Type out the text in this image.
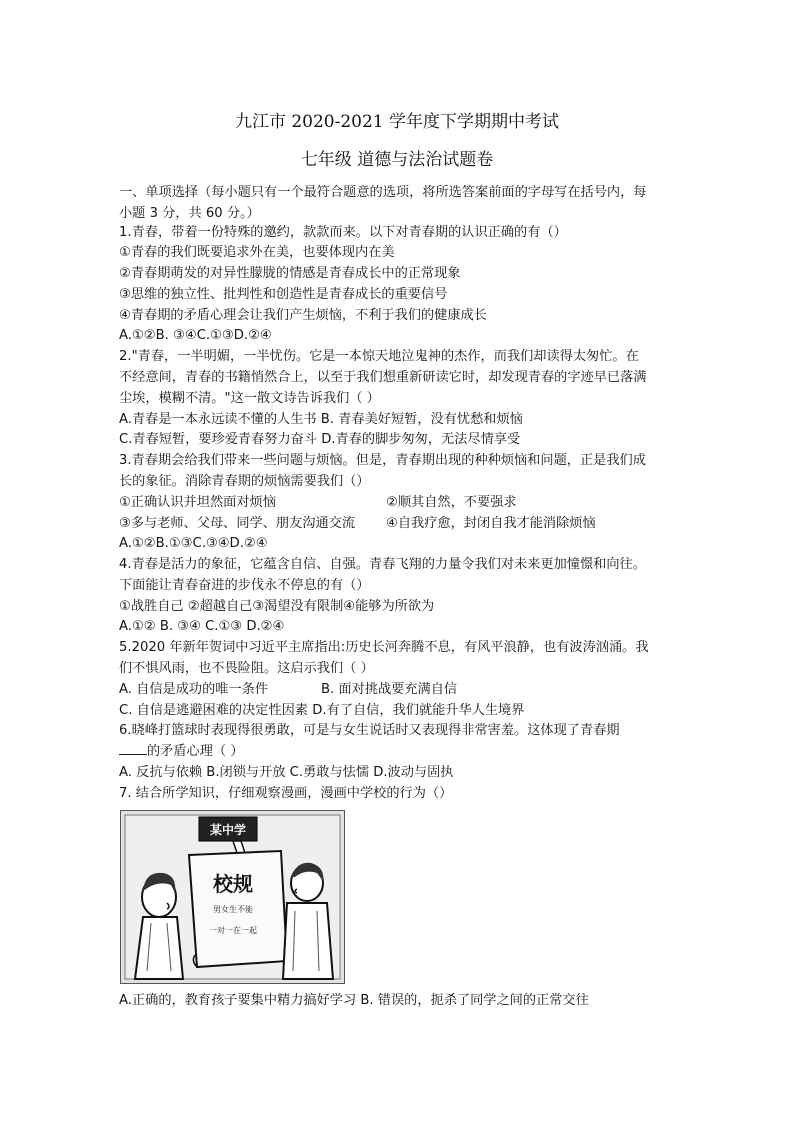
九江市 2020-2021 学年度下学期期中考试
七年级 道德与法治试题卷
一、单项选择（每小题只有一个最符合题意的选项，将所选答案前面的字母写在括号内，每
小题 3 分，共 60 分。）
1.青春，带着一份特殊的邀约，款款而来。以下对青春期的认识正确的有（）
①青春的我们既要追求外在美，也要体现内在美
②青春期萌发的对异性朦胧的情感是青春成长中的正常现象
③思维的独立性、批判性和创造性是青春成长的重要信号
④青春期的矛盾心理会让我们产生烦恼，不利于我们的健康成长
A.①②B. ③④C.①③D.②④
2."青春，一半明媚，一半忧伤。它是一本惊天地泣鬼神的杰作，而我们却读得太匆忙。在
不经意间，青春的书籍悄然合上，以至于我们想重新研读它时，却发现青春的字迹早已落满
尘埃，模糊不清。"这一散文诗告诉我们（ ）
A.青春是一本永远读不懂的人生书 B. 青春美好短暂，没有忧愁和烦恼
C.青春短暂，要珍爱青春努力奋斗 D.青春的脚步匆匆，无法尽情享受
3.青春期会给我们带来一些问题与烦恼。但是，青春期出现的种种烦恼和问题，正是我们成
长的象征。消除青春期的烦恼需要我们（）
①正确认识并坦然面对烦恼	②顺其自然，不要强求
③多与老师、父母、同学、朋友沟通交流 ④自我疗愈，封闭自我才能消除烦恼
A.①②B.①③C.③④D.②④
4.青春是活力的象征，它蕴含自信、自强。青春飞翔的力量令我们对未来更加憧憬和向往。
下面能让青春奋进的步伐永不停息的有（）
①战胜自己 ②超越自己③渴望没有限制④能够为所欲为
A.①② B. ③④ C.①③ D.②④
5.2020 年新年贺词中习近平主席指出:历史长河奔腾不息，有风平浪静，也有波涛汹涌。我
们不惧风雨，也不畏险阻。这启示我们（ ）
A. 自信是成功的唯一条件	B. 面对挑战要充满自信
C. 自信是逃避困难的决定性因素 D.有了自信，我们就能升华人生境界
6.晓峰打篮球时表现得很勇敢，可是与女生说话时又表现得非常害羞。这体现了青春期
的矛盾心理（ ）
A. 反抗与依赖 B.闭锁与开放 C.勇敢与怯懦 D.波动与固执
7. 结合所学知识，仔细观察漫画，漫画中学校的行为（）
某中学
校规
男女生不能
一对一在一起
A.正确的，教育孩子要集中精力搞好学习 B. 错误的，扼杀了同学之间的正常交往
